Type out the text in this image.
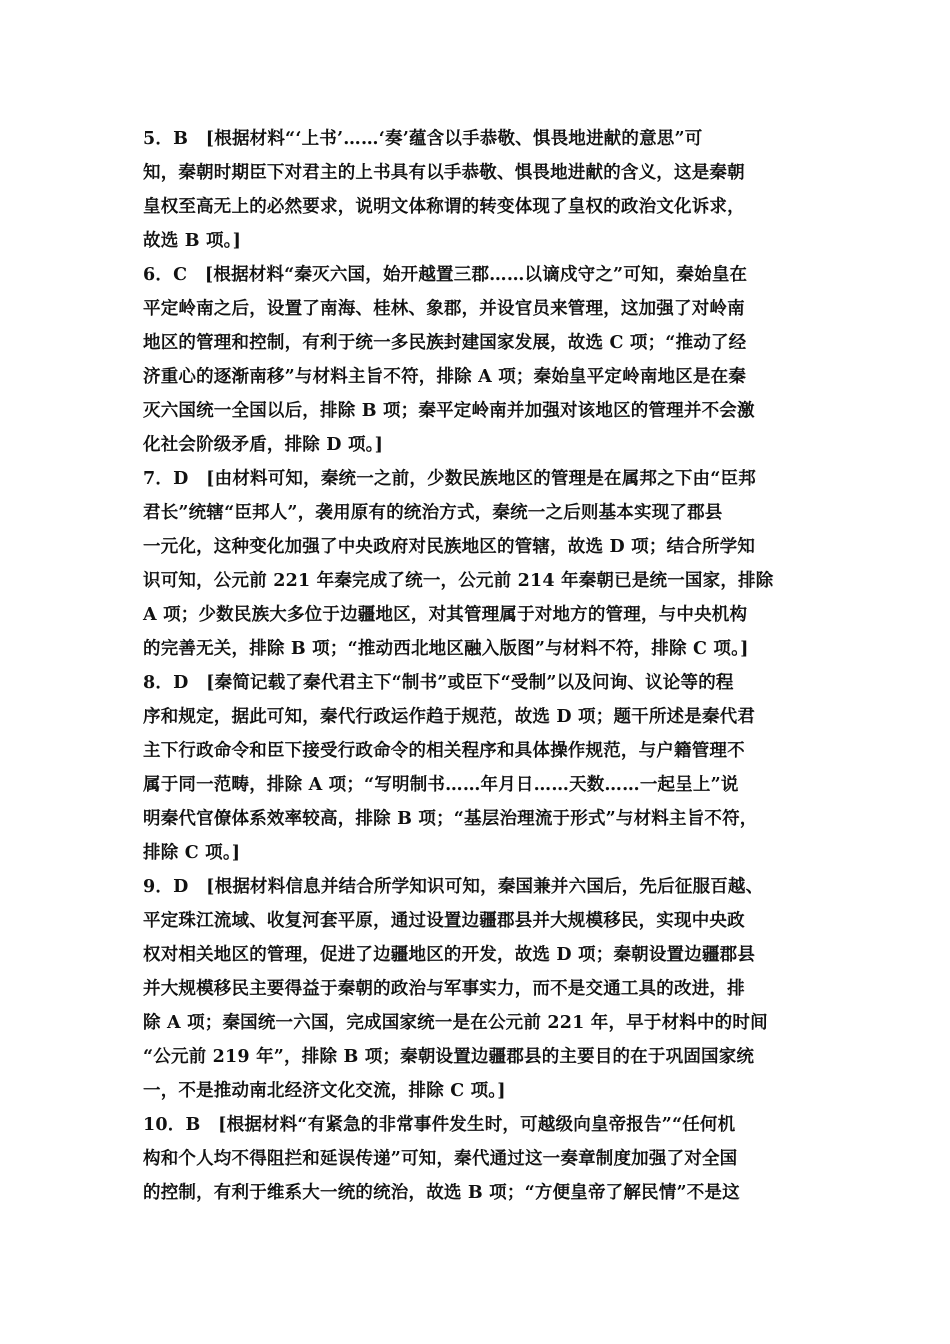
5．B　[根据材料“‘上书’……‘奏’蕴含以手恭敬、惧畏地进献的意思”可
知，秦朝时期臣下对君主的上书具有以手恭敬、惧畏地进献的含义，这是秦朝
皇权至高无上的必然要求，说明文体称谓的转变体现了皇权的政治文化诉求，
故选 B 项。]
6．C　[根据材料“秦灭六国，始开越置三郡……以谪戍守之”可知，秦始皇在
平定岭南之后，设置了南海、桂林、象郡，并设官员来管理，这加强了对岭南
地区的管理和控制，有利于统一多民族封建国家发展，故选 C 项；“推动了经
济重心的逐渐南移”与材料主旨不符，排除 A 项；秦始皇平定岭南地区是在秦
灭六国统一全国以后，排除 B 项；秦平定岭南并加强对该地区的管理并不会激
化社会阶级矛盾，排除 D 项。]
7．D　[由材料可知，秦统一之前，少数民族地区的管理是在属邦之下由“臣邦
君长”统辖“臣邦人”，袭用原有的统治方式，秦统一之后则基本实现了郡县
一元化，这种变化加强了中央政府对民族地区的管辖，故选 D 项；结合所学知
识可知，公元前 221 年秦完成了统一，公元前 214 年秦朝已是统一国家，排除
A 项；少数民族大多位于边疆地区，对其管理属于对地方的管理，与中央机构
的完善无关，排除 B 项；“推动西北地区融入版图”与材料不符，排除 C 项。]
8．D　[秦简记载了秦代君主下“制书”或臣下“受制”以及问询、议论等的程
序和规定，据此可知，秦代行政运作趋于规范，故选 D 项；题干所述是秦代君
主下行政命令和臣下接受行政命令的相关程序和具体操作规范，与户籍管理不
属于同一范畴，排除 A 项；“写明制书……年月日……天数……一起呈上”说
明秦代官僚体系效率较高，排除 B 项；“基层治理流于形式”与材料主旨不符，
排除 C 项。]
9．D　[根据材料信息并结合所学知识可知，秦国兼并六国后，先后征服百越、
平定珠江流域、收复河套平原，通过设置边疆郡县并大规模移民，实现中央政
权对相关地区的管理，促进了边疆地区的开发，故选 D 项；秦朝设置边疆郡县
并大规模移民主要得益于秦朝的政治与军事实力，而不是交通工具的改进，排
除 A 项；秦国统一六国，完成国家统一是在公元前 221 年，早于材料中的时间
“公元前 219 年”，排除 B 项；秦朝设置边疆郡县的主要目的在于巩固国家统
一，不是推动南北经济文化交流，排除 C 项。]
10．B　[根据材料“有紧急的非常事件发生时，可越级向皇帝报告”“任何机
构和个人均不得阻拦和延误传递”可知，秦代通过这一奏章制度加强了对全国
的控制，有利于维系大一统的统治，故选 B 项；“方便皇帝了解民情”不是这
